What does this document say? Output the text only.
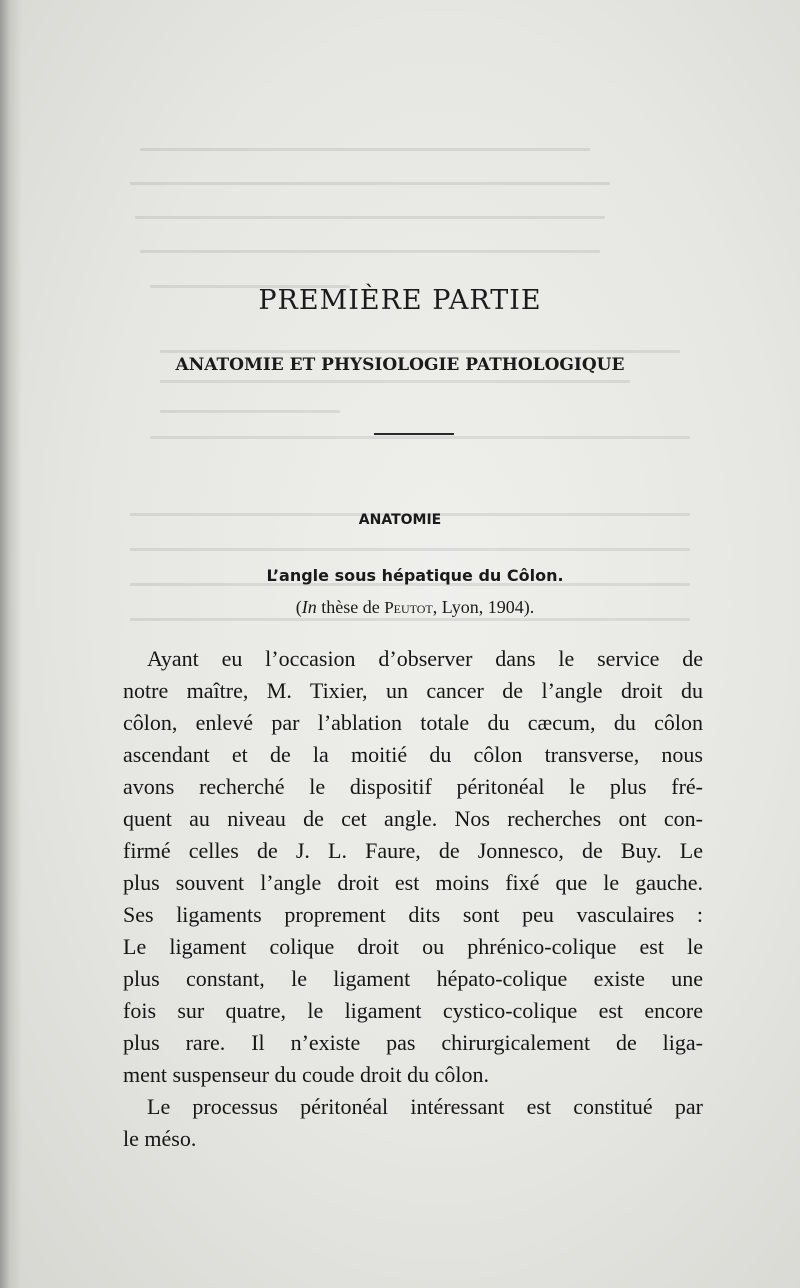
PREMIÈRE PARTIE
ANATOMIE ET PHYSIOLOGIE PATHOLOGIQUE
ANATOMIE
L’angle sous hépatique du Côlon.

(In thèse de Peutot, Lyon, 1904).

Ayant eu l’occasion d’observer dans le service de
notre maître, M. Tixier, un cancer de l’angle droit du
côlon, enlevé par l’ablation totale du cæcum, du côlon
ascendant et de la moitié du côlon transverse, nous
avons recherché le dispositif péritonéal le plus fré-
quent au niveau de cet angle. Nos recherches ont con-
firmé celles de J. L. Faure, de Jonnesco, de Buy. Le
plus souvent l’angle droit est moins fixé que le gauche.
Ses ligaments proprement dits sont peu vasculaires :
Le ligament colique droit ou phrénico-colique est le
plus constant, le ligament hépato-colique existe une
fois sur quatre, le ligament cystico-colique est encore
plus rare. Il n’existe pas chirurgicalement de liga-
ment suspenseur du coude droit du côlon.
Le processus péritonéal intéressant est constitué par
le méso.
